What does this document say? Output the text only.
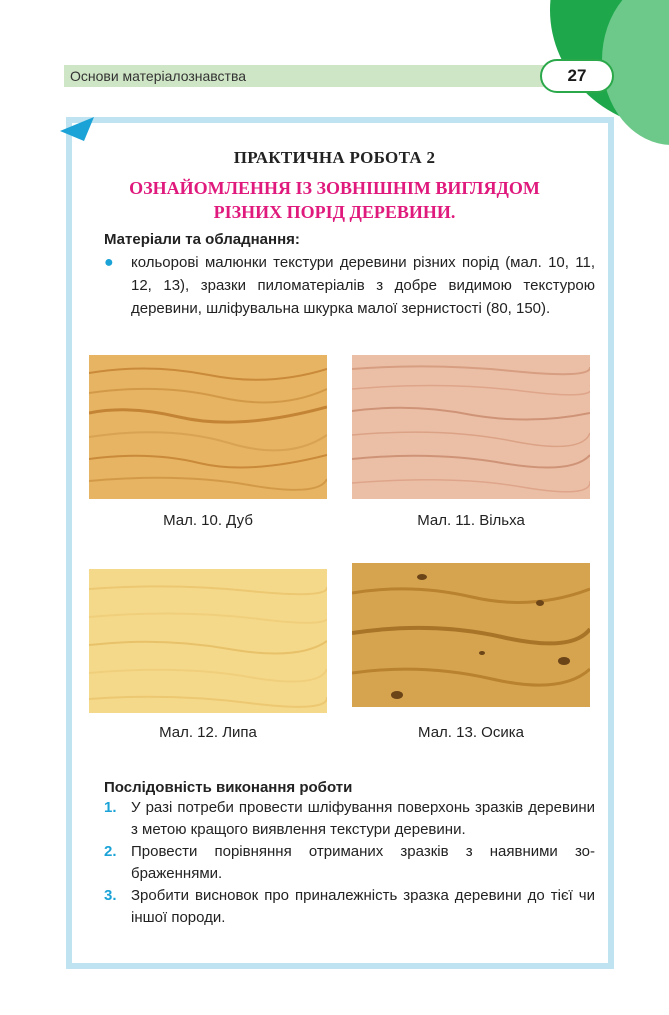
Основи матеріалознавства	27
ПРАКТИЧНА РОБОТА 2
ОЗНАЙОМЛЕННЯ ІЗ ЗОВНІШНІМ ВИГЛЯДОМ
РІЗНИХ ПОРІД ДЕРЕВИНИ.
Матеріали та обладнання:
● кольорові малюнки текстури деревини різних порід (мал. 10, 11, 12, 13), зразки пиломатеріалів з добре видимою текстурою деревини, шліфувальна шкурка малої зернистості (80, 150).
Мал. 10. Дуб	Мал. 11. Вільха
Мал. 12. Липа	Мал. 13. Осика
Послідовність виконання роботи
1. У разі потреби провести шліфування поверхонь зразків деревини з метою кращого виявлення текстури деревини.
2. Провести порівняння отриманих зразків з наявними зображеннями.
3. Зробити висновок про приналежність зразка деревини до тієї чи іншої породи.
